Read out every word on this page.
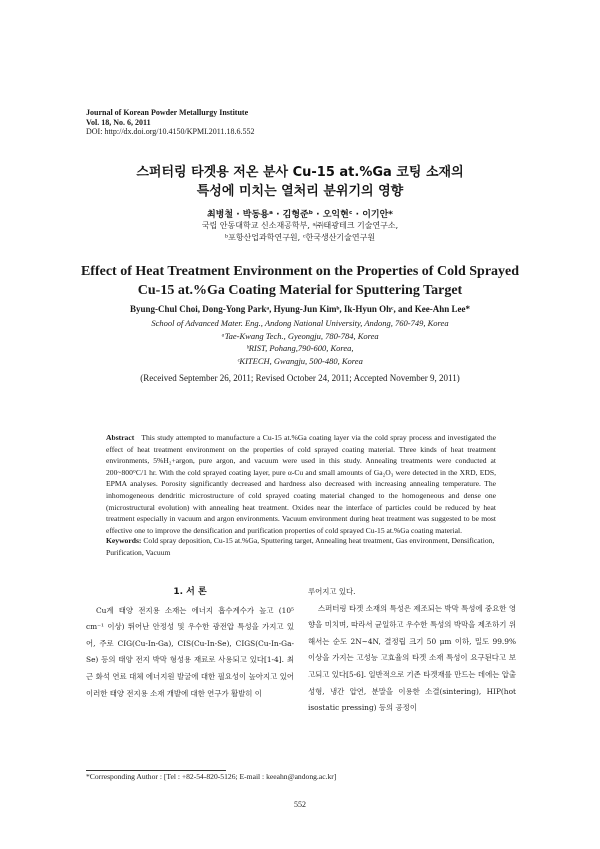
Journal of Korean Powder Metallurgy Institute
Vol. 18, No. 6, 2011
DOI: http://dx.doi.org/10.4150/KPMI.2011.18.6.552
스퍼터링 타겟용 저온 분사 Cu-15 at.%Ga 코팅 소재의
특성에 미치는 열처리 분위기의 영향
최병철 · 박동용ᵃ · 김형준ᵇ · 오익현ᶜ · 이기안*
국립 안동대학교 신소재공학부, ᵃ㈜태광테크 기술연구소,
ᵇ포항산업과학연구원, ᶜ한국생산기술연구원
Effect of Heat Treatment Environment on the Properties of Cold Sprayed
Cu-15 at.%Ga Coating Material for Sputtering Target
Byung-Chul Choi, Dong-Yong Parkᵃ, Hyung-Jun Kimᵇ, Ik-Hyun Ohᶜ, and Kee-Ahn Lee*
School of Advanced Mater. Eng., Andong National University, Andong, 760-749, Korea
ᵃTae-Kwang Tech., Gyeongju, 780-784, Korea
ᵇRIST, Pohang,790-600, Korea,
ᶜKITECH, Gwangju, 500-480, Korea
(Received September 26, 2011; Revised October 24, 2011; Accepted November 9, 2011)
Abstract This study attempted to manufacture a Cu-15 at.%Ga coating layer via the cold spray process and investigated the effect of heat treatment environment on the properties of cold sprayed coating material. Three kinds of heat treatment environments, 5%H₂+argon, pure argon, and vacuum were used in this study. Annealing treatments were conducted at 200~800°C/1 hr. With the cold sprayed coating layer, pure α-Cu and small amounts of Ga₂O₃ were detected in the XRD, EDS, EPMA analyses. Porosity significantly decreased and hardness also decreased with increasing annealing temperature. The inhomogeneous dendritic microstructure of cold sprayed coating material changed to the homogeneous and dense one (microstructural evolution) with annealing heat treatment. Oxides near the interface of particles could be reduced by heat treatment especially in vacuum and argon environments. Vacuum environment during heat treatment was suggested to be most effective one to improve the densification and purification properties of cold sprayed Cu-15 at.%Ga coating material.
Keywords: Cold spray deposition, Cu-15 at.%Ga, Sputtering target, Annealing heat treatment, Gas environment, Densification, Purification, Vacuum
1. 서 론

Cu계 태양 전지용 소재는 에너지 흡수계수가 높고 (10⁵ cm⁻¹ 이상) 뛰어난 안정성 및 우수한 광전압 특성을 가지고 있어, 주로 CIG(Cu-In-Ga), CIS(Cu-In-Se), CIGS(Cu-In-Ga-Se) 등의 태양 전지 박막 형성용 재료로 사용되고 있다[1-4]. 최근 화석 연료 대체 에너지원 발굴에 대한 필요성이 높아지고 있어 이러한 태양 전지용 소재 개발에 대한 연구가 활발히 이

루어지고 있다.

스퍼터링 타겟 소재의 특성은 제조되는 박막 특성에 중요한 영향을 미치며, 따라서 균일하고 우수한 특성의 박막을 제조하기 위해서는 순도 2N~4N, 결정립 크기 50 μm 이하, 밀도 99.9% 이상을 가지는 고성능 고효율의 타겟 소재 특성이 요구된다고 보고되고 있다[5-6]. 일반적으로 기존 타겟재를 만드는 데에는 압출 성형, 냉간 압연, 분말을 이용한 소결(sintering), HIP(hot isostatic pressing) 등의 공정이

*Corresponding Author : [Tel : +82-54-820-5126; E-mail : keeahn@andong.ac.kr]
552
